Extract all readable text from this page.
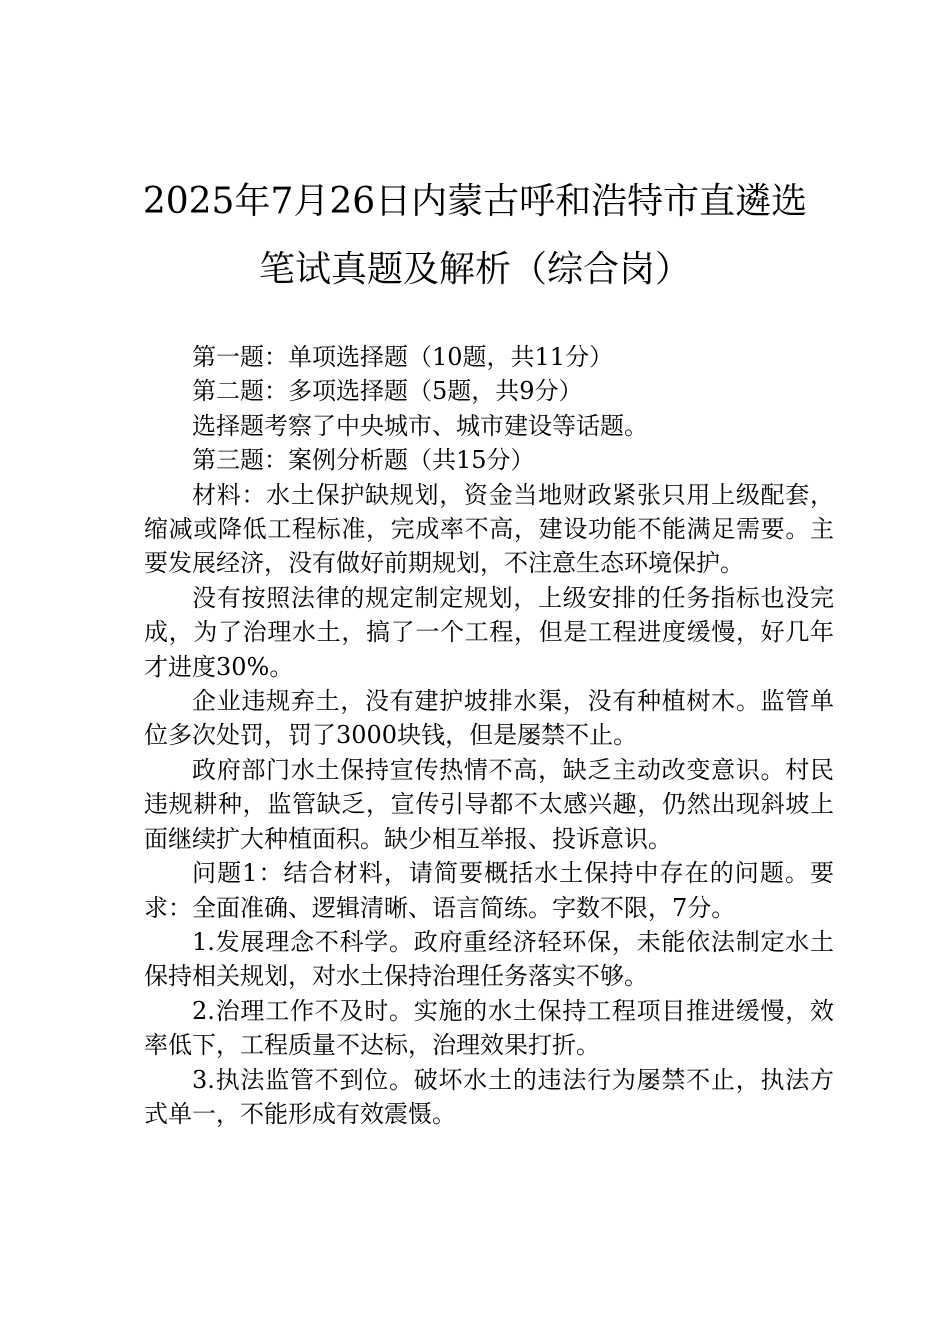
2025年7月26日内蒙古呼和浩特市直遴选
笔试真题及解析（综合岗）

第一题：单项选择题（10题，共11分）

第二题：多项选择题（5题，共9分）

选择题考察了中央城市、城市建设等话题。

第三题：案例分析题（共15分）

材料：水土保护缺规划，资金当地财政紧张只用上级配套，缩减或降低工程标准，完成率不高，建设功能不能满足需要。主要发展经济，没有做好前期规划，不注意生态环境保护。

没有按照法律的规定制定规划，上级安排的任务指标也没完成，为了治理水土，搞了一个工程，但是工程进度缓慢，好几年才进度30%。

企业违规弃土，没有建护坡排水渠，没有种植树木。监管单位多次处罚，罚了3000块钱，但是屡禁不止。

政府部门水土保持宣传热情不高，缺乏主动改变意识。村民违规耕种，监管缺乏，宣传引导都不太感兴趣，仍然出现斜坡上面继续扩大种植面积。缺少相互举报、投诉意识。

问题1：结合材料，请简要概括水土保持中存在的问题。要求：全面准确、逻辑清晰、语言简练。字数不限，7分。

1.发展理念不科学。政府重经济轻环保，未能依法制定水土保持相关规划，对水土保持治理任务落实不够。

2.治理工作不及时。实施的水土保持工程项目推进缓慢，效率低下，工程质量不达标，治理效果打折。

3.执法监管不到位。破坏水土的违法行为屡禁不止，执法方式单一，不能形成有效震慑。
